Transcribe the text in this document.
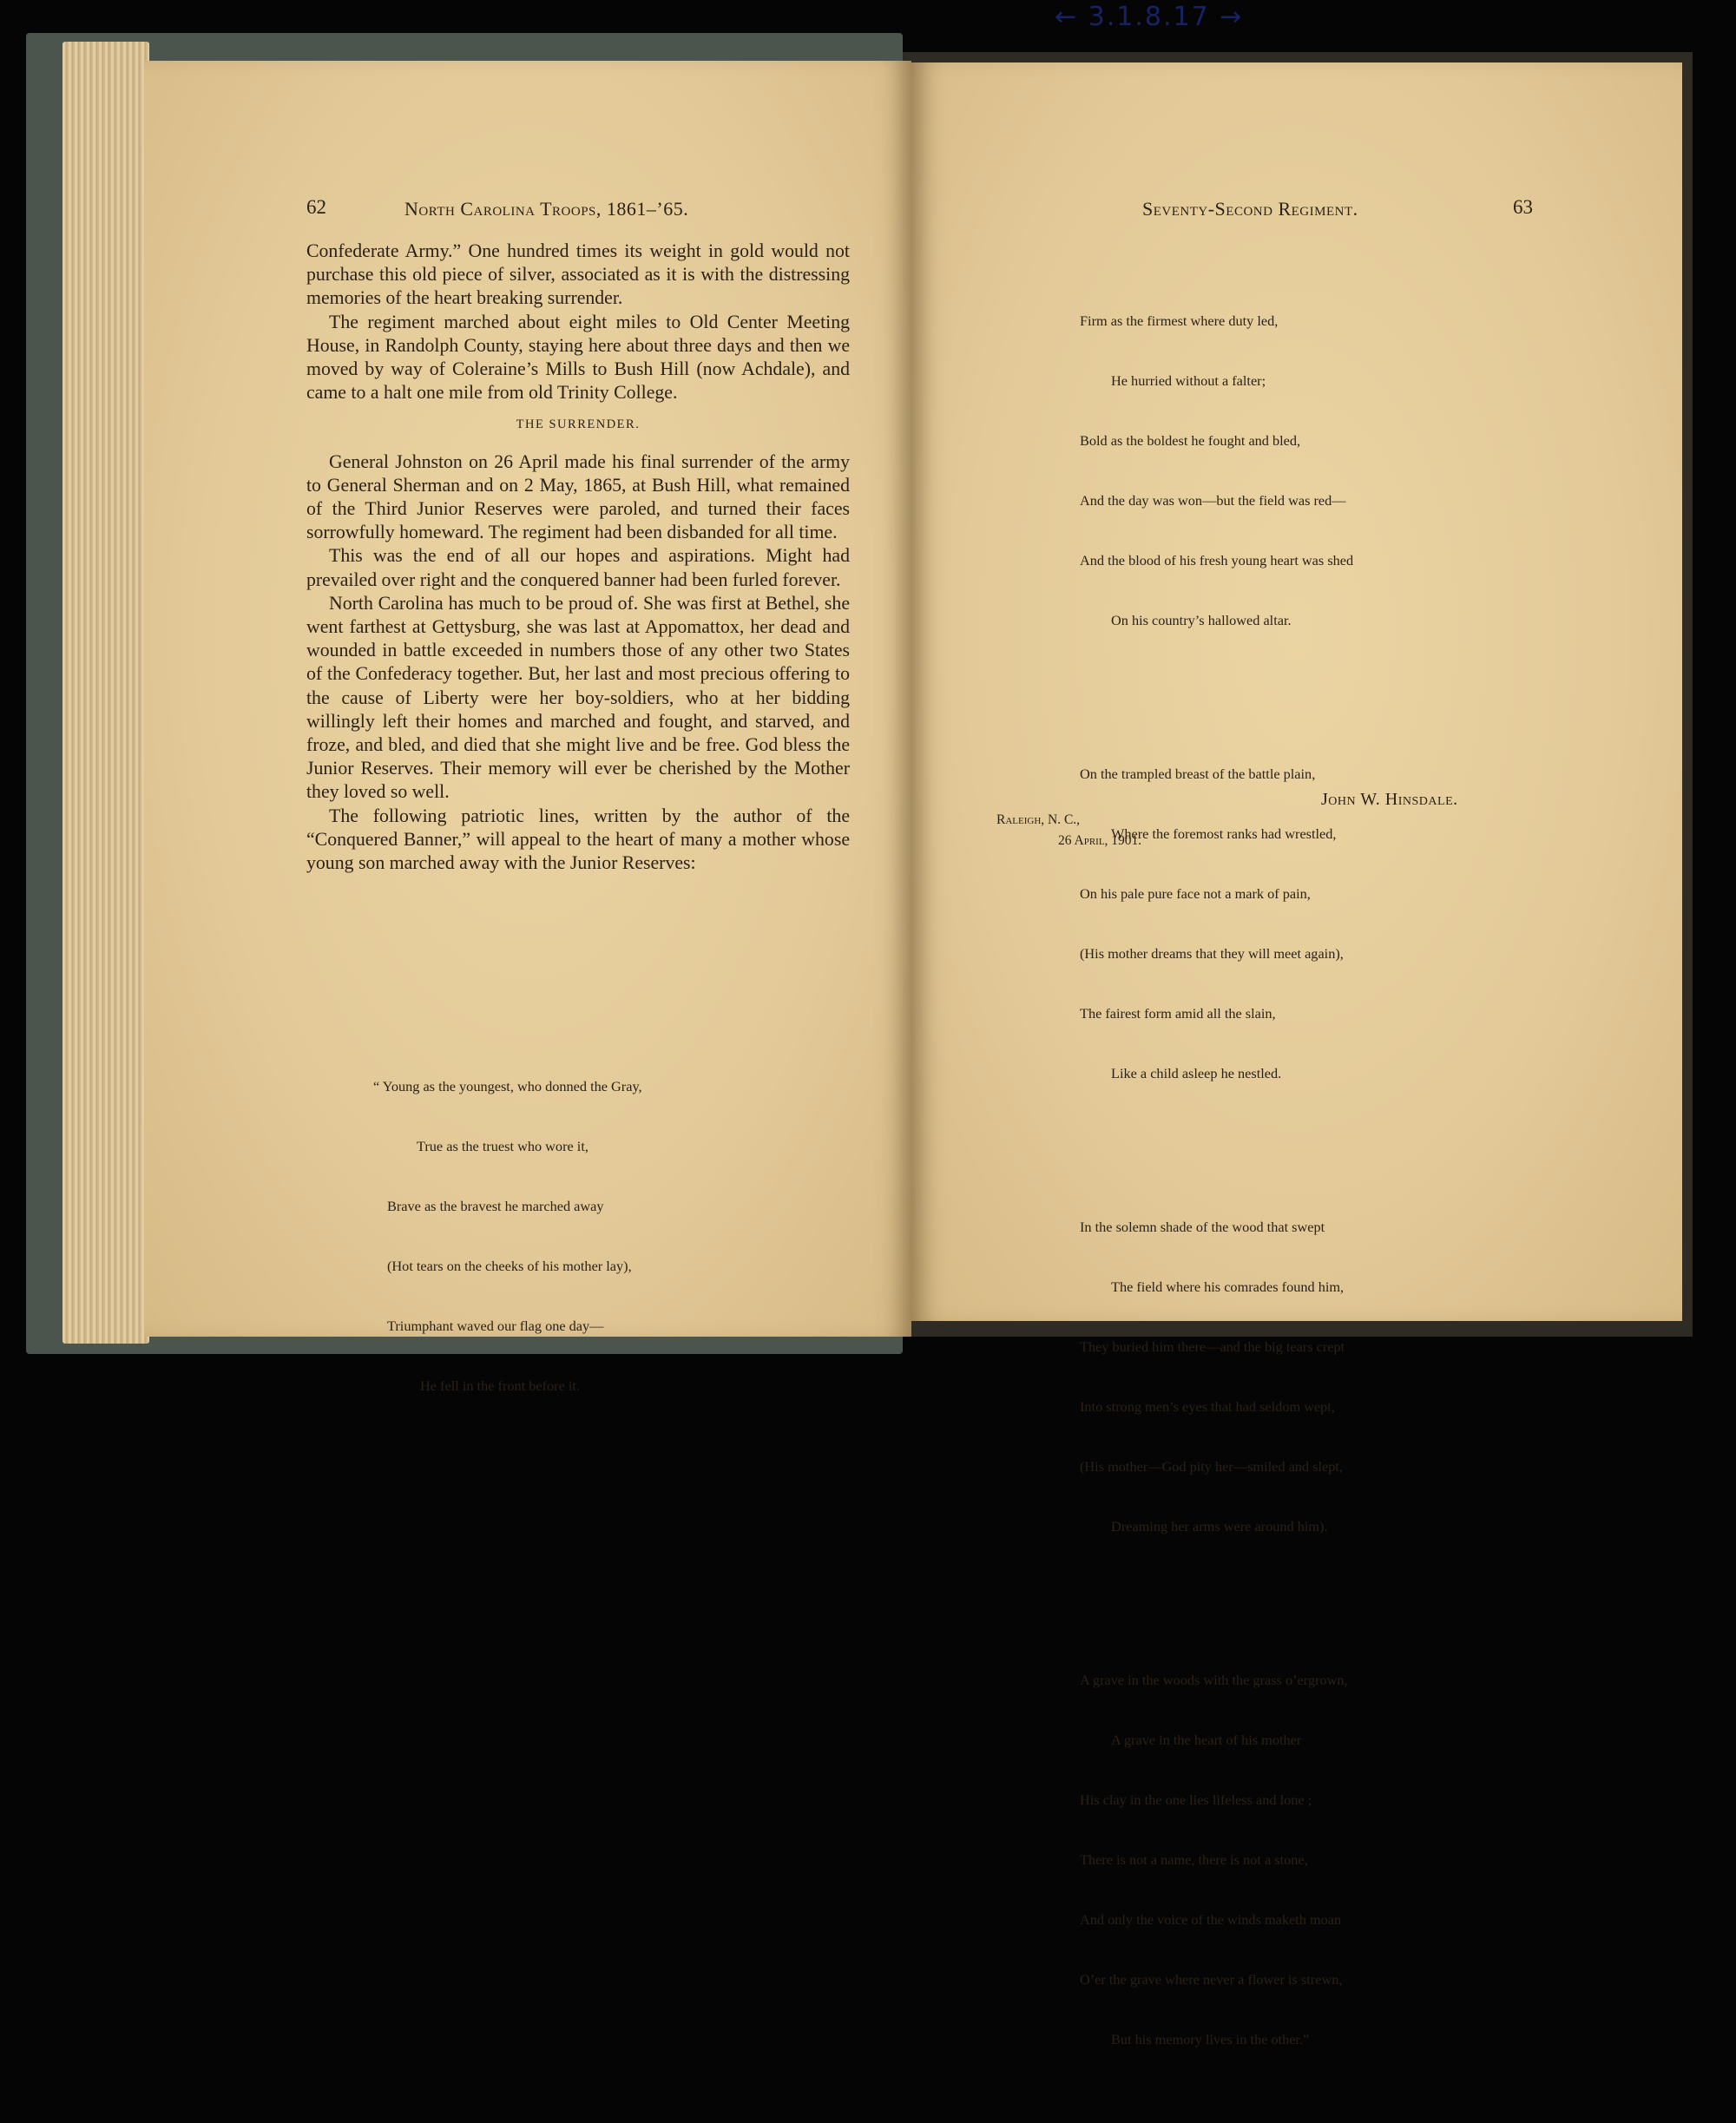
← 3.1.8.17 →
62	North Carolina Troops, 1861–’65.

Confederate Army.” One hundred times its weight in gold would not purchase this old piece of silver, associated as it is with the distressing memories of the heart breaking surrender.

The regiment marched about eight miles to Old Center Meeting House, in Randolph County, staying here about three days and then we moved by way of Coleraine’s Mills to Bush Hill (now Achdale), and came to a halt one mile from old Trinity College.

THE SURRENDER.

General Johnston on 26 April made his final surrender of the army to General Sherman and on 2 May, 1865, at Bush Hill, what remained of the Third Junior Reserves were paroled, and turned their faces sorrowfully homeward. The regiment had been disbanded for all time.

This was the end of all our hopes and aspirations. Might had prevailed over right and the conquered banner had been furled forever.

North Carolina has much to be proud of. She was first at Bethel, she went farthest at Gettysburg, she was last at Appomattox, her dead and wounded in battle exceeded in numbers those of any other two States of the Confederacy together. But, her last and most precious offering to the cause of Liberty were her boy-soldiers, who at her bidding willingly left their homes and marched and fought, and starved, and froze, and bled, and died that she might live and be free. God bless the Junior Reserves. Their memory will ever be cherished by the Mother they loved so well.

The following patriotic lines, written by the author of the “Conquered Banner,” will appeal to the heart of many a mother whose young son marched away with the Junior Reserves:

“ Young as the youngest, who donned the Gray,

True as the truest who wore it,

Brave as the bravest he marched away

(Hot tears on the cheeks of his mother lay),

Triumphant waved our flag one day—

He fell in the front before it.

Seventy-Second Regiment.	63

Firm as the firmest where duty led,

He hurried without a falter;

Bold as the boldest he fought and bled,

And the day was won—but the field was red—

And the blood of his fresh young heart was shed

On his country’s hallowed altar.

On the trampled breast of the battle plain,

Where the foremost ranks had wrestled,

On his pale pure face not a mark of pain,

(His mother dreams that they will meet again),

The fairest form amid all the slain,

Like a child asleep he nestled.

In the solemn shade of the wood that swept

The field where his comrades found him,

They buried him there—and the big tears crept

Into strong men’s eyes that had seldom wept,

(His mother—God pity her—smiled and slept,

Dreaming her arms were around him).

A grave in the woods with the grass o’ergrown,

A grave in the heart of his mother

His clay in the one lies lifeless and lone ;

There is not a name, there is not a stone,

And only the voice of the winds maketh moan

O’er the grave where never a flower is strewn,

But his memory lives in the other.”

John W. Hinsdale.
Raleigh, N. C.,
26 April, 1901.
